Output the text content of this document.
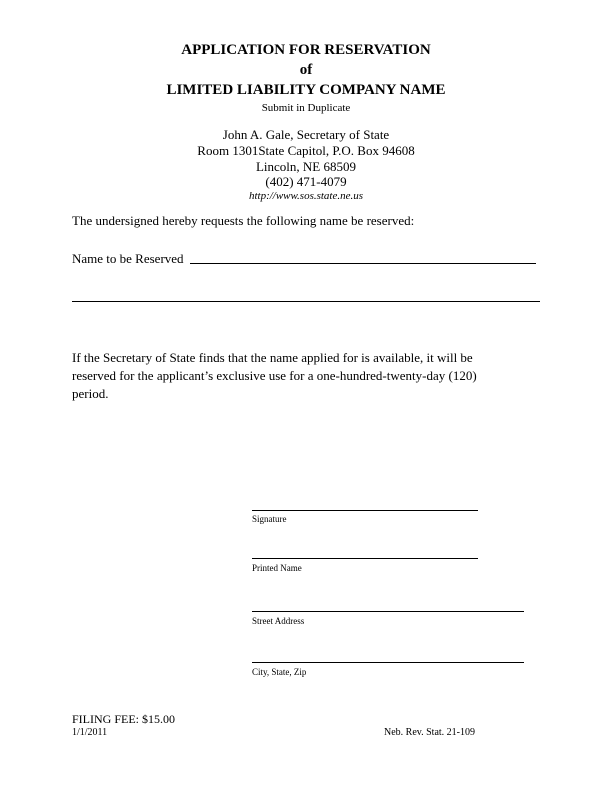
APPLICATION FOR RESERVATION
of
LIMITED LIABILITY COMPANY NAME
Submit in Duplicate
John A. Gale, Secretary of State
Room 1301State Capitol, P.O. Box 94608
Lincoln, NE 68509
(402) 471-4079
http://www.sos.state.ne.us
The undersigned hereby requests the following name be reserved:
Name to be Reserved
If the Secretary of State finds that the name applied for is available, it will be
reserved for the applicant’s exclusive use for a one-hundred-twenty-day (120)
period.
Signature
Printed Name
Street Address
City, State, Zip
FILING FEE: $15.00
1/1/2011	Neb. Rev. Stat. 21-109
